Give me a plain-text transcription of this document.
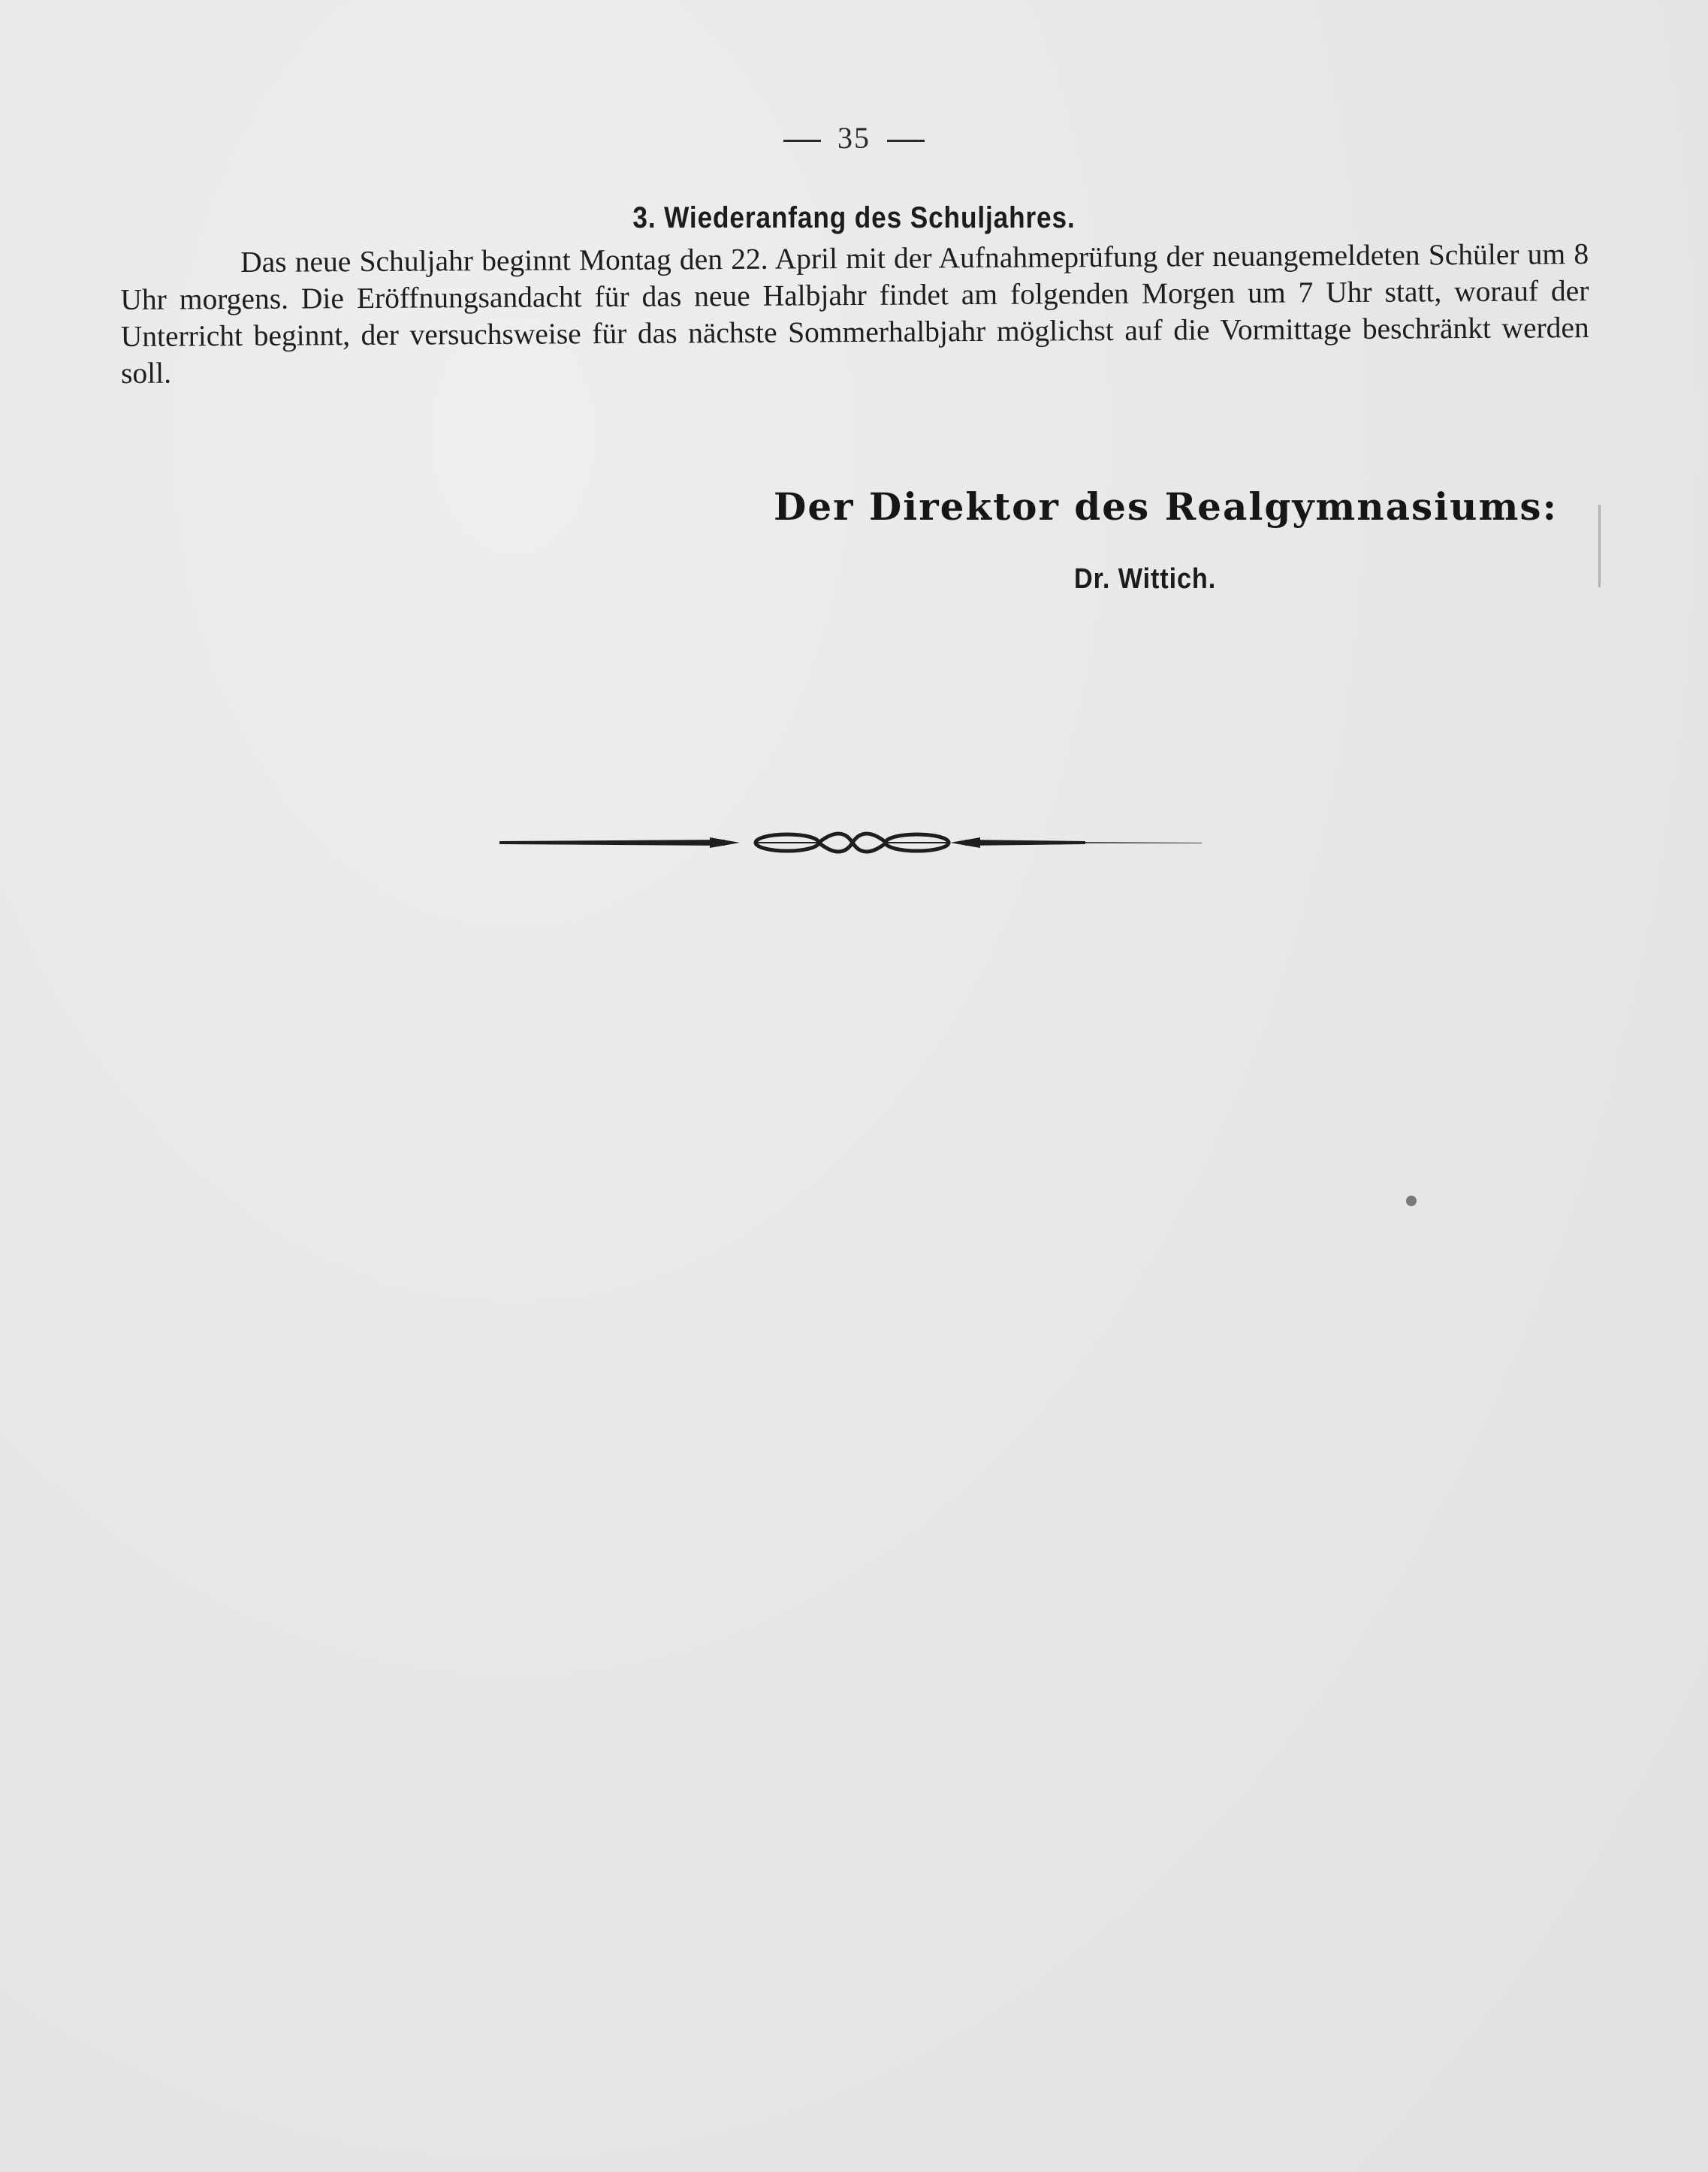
35
3. Wiederanfang des Schuljahres.
Das neue Schuljahr beginnt Montag den 22. April mit der Aufnahmeprüfung der neuangemeldeten Schüler um 8 Uhr morgens. Die Eröffnungsandacht für das neue Halbjahr findet am folgenden Morgen um 7 Uhr statt, worauf der Unterricht beginnt, der versuchsweise für das nächste Sommerhalbjahr möglichst auf die Vormittage beschränkt werden soll.
Der Direktor des Realgymnasiums:
Dr. Wittich.
